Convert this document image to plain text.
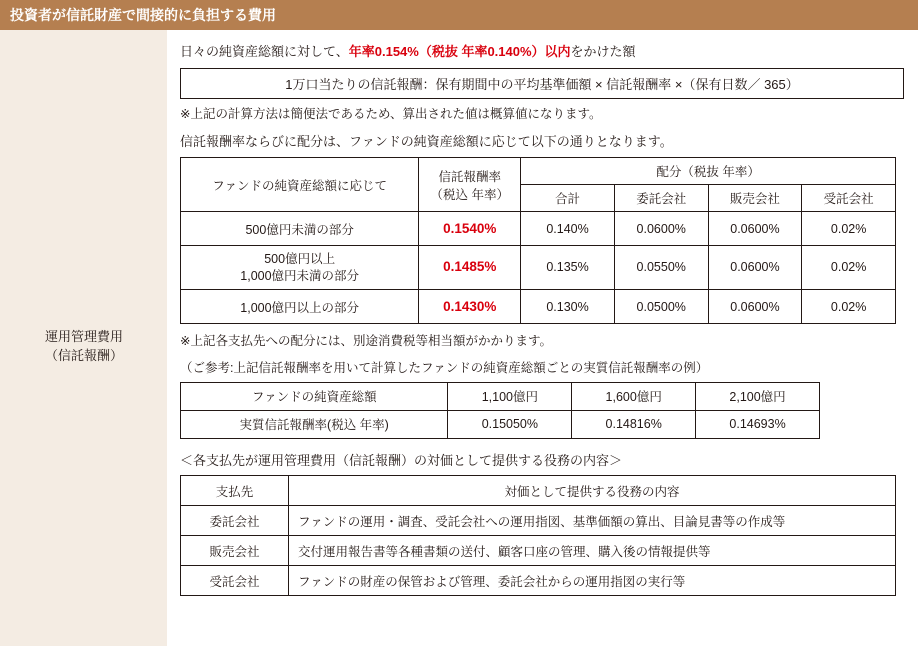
投資者が信託財産で間接的に負担する費用
運用管理費用
（信託報酬）

日々の純資産総額に対して、年率0.154%（税抜 年率0.140%）以内をかけた額

1万口当たりの信託報酬：保有期間中の平均基準価額 × 信託報酬率 ×（保有日数／ 365）

※上記の計算方法は簡便法であるため、算出された値は概算値になります。

信託報酬率ならびに配分は、ファンドの純資産総額に応じて以下の通りとなります。

ファンドの純資産総額に応じて	信託報酬率
（税込 年率）	配分（税抜 年率）			
		合計	委託会社	販売会社	受託会社
500億円未満の部分	0.1540%	0.140%	0.0600%	0.0600%	0.02%

500億円以上
1,000億円未満の部分	0.1485%	0.135%	0.0550%	0.0600%	0.02%
1,000億円以上の部分	0.1430%	0.130%	0.0500%	0.0600%	0.02%

※上記各支払先への配分には、別途消費税等相当額がかかります。

（ご参考:上記信託報酬率を用いて計算したファンドの純資産総額ごとの実質信託報酬率の例）

ファンドの純資産総額	1,100億円	1,600億円	2,100億円
実質信託報酬率(税込 年率)	0.15050%	0.14816%	0.14693%

＜各支払先が運用管理費用（信託報酬）の対価として提供する役務の内容＞

支払先	対価として提供する役務の内容
委託会社	ファンドの運用・調査、受託会社への運用指図、基準価額の算出、目論見書等の作成等
販売会社	交付運用報告書等各種書類の送付、顧客口座の管理、購入後の情報提供等
受託会社	ファンドの財産の保管および管理、委託会社からの運用指図の実行等
